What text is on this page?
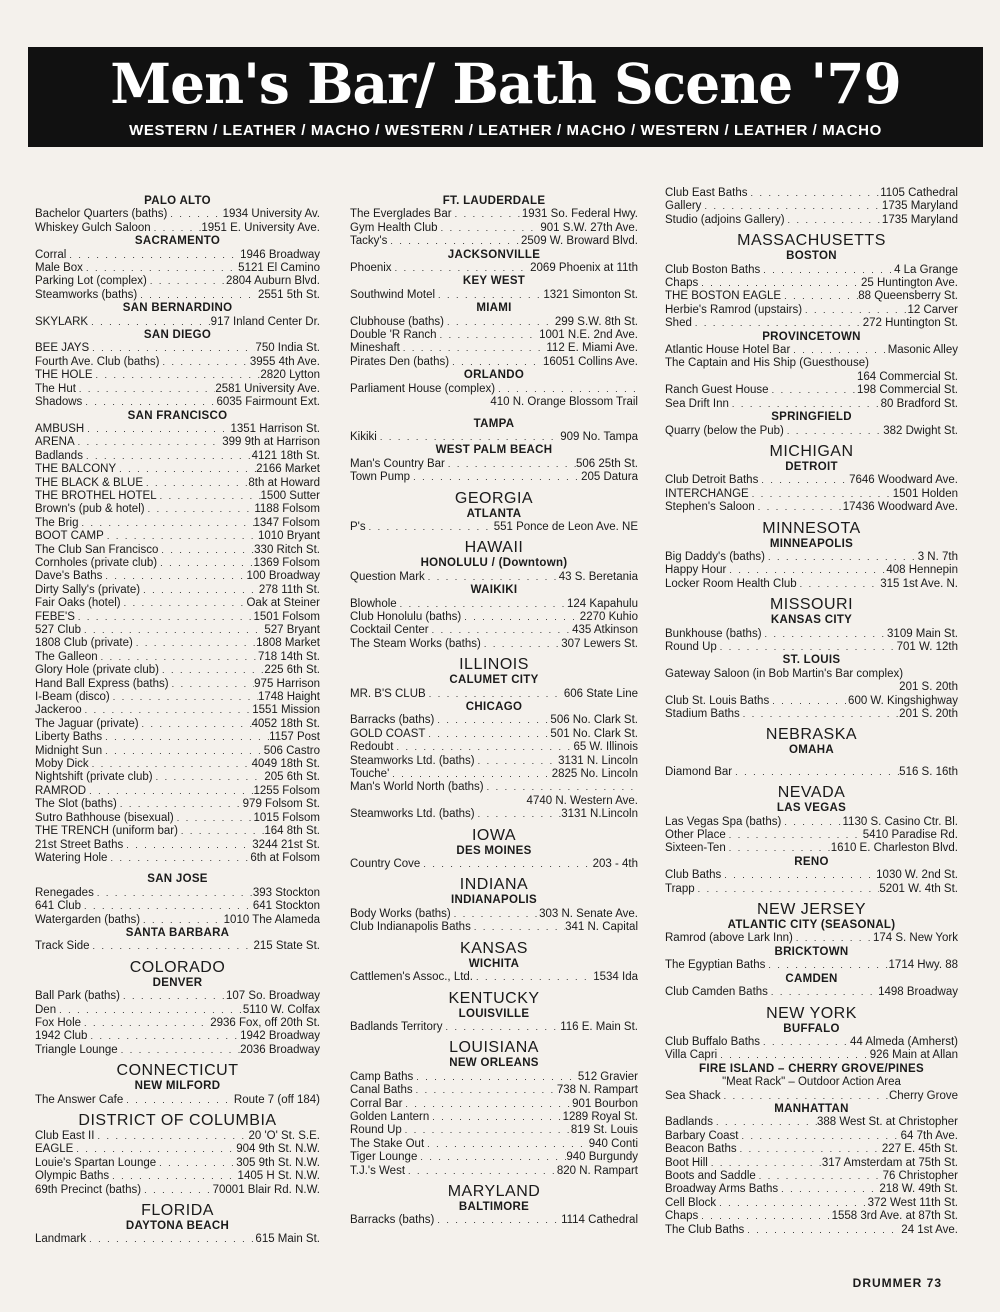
Men's Bar/ Bath Scene '79
WESTERN / LEATHER / MACHO / WESTERN / LEATHER / MACHO / WESTERN / LEATHER / MACHO
PALO ALTO
Bachelor Quarters (baths) . . .	1934 University Av.
Whiskey Gulch Saloon . . .	1951 E. University Ave.
SACRAMENTO
Corral . . .	1946 Broadway
Male Box . . .	5121 El Camino
Parking Lot (complex) . . .	2804 Auburn Blvd.
Steamworks (baths) . . .	2551 5th St.
SAN BERNARDINO
SKYLARK . . .	917 Inland Center Dr.
SAN DIEGO
BEE JAYS . . .	750 India St.
Fourth Ave. Club (baths) . . .	3955 4th Ave.
THE HOLE . . .	2820 Lytton
The Hut . . .	2581 University Ave.
Shadows . . .	6035 Fairmount Ext.
SAN FRANCISCO
AMBUSH . . .	1351 Harrison St.
ARENA . . .	399 9th at Harrison
Badlands . . .	4121 18th St.
THE BALCONY . . .	2166 Market
THE BLACK & BLUE . . .	8th at Howard
THE BROTHEL HOTEL . . .	1500 Sutter
Brown's (pub & hotel) . . .	1188 Folsom
The Brig . . .	1347 Folsom
BOOT CAMP . . .	1010 Bryant
The Club San Francisco . . .	330 Ritch St.
Cornholes (private club) . . .	1369 Folsom
Dave's Baths . . .	100 Broadway
Dirty Sally's (private) . . .	278 11th St.
Fair Oaks (hotel) . . .	Oak at Steiner
FEBE'S . . .	1501 Folsom
527 Club . . .	527 Bryant
1808 Club (private) . . .	1808 Market
The Galleon . . .	718 14th St.
Glory Hole (private club) . . .	225 6th St.
Hand Ball Express (baths) . . .	975 Harrison
I-Beam (disco) . . .	1748 Haight
Jackeroo . . .	1551 Mission
The Jaguar (private) . . .	4052 18th St.
Liberty Baths . . .	1157 Post
Midnight Sun . . .	506 Castro
Moby Dick . . .	4049 18th St.
Nightshift (private club) . . .	205 6th St.
RAMROD . . .	1255 Folsom
The Slot (baths) . . .	979 Folsom St.
Sutro Bathhouse (bisexual) . . .	1015 Folsom
THE TRENCH (uniform bar) . . .	164 8th St.
21st Street Baths . . .	3244 21st St.
Watering Hole . . .	6th at Folsom
SAN JOSE
Renegades . . .	393 Stockton
641 Club . . .	641 Stockton
Watergarden (baths) . . .	1010 The Alameda
SANTA BARBARA
Track Side . . .	215 State St.
COLORADO
DENVER
Ball Park (baths) . . .	107 So. Broadway
Den . . .	5110 W. Colfax
Fox Hole . . .	2936 Fox, off 20th St.
1942 Club . . .	1942 Broadway
Triangle Lounge . . .	2036 Broadway
CONNECTICUT
NEW MILFORD
The Answer Cafe . . .	Route 7 (off 184)
DISTRICT OF COLUMBIA
Club East II . . .	20 'O' St. S.E.
EAGLE . . .	904 9th St. N.W.
Louie's Spartan Lounge . . .	305 9th St. N.W.
Olympic Baths . . .	1405 H St. N.W.
69th Precinct (baths) . . .	70001 Blair Rd. N.W.
FLORIDA
DAYTONA BEACH
Landmark . . .	615 Main St.
FT. LAUDERDALE
The Everglades Bar . . .	1931 So. Federal Hwy.
Gym Health Club . . .	901 S.W. 27th Ave.
Tacky's . . .	2509 W. Broward Blvd.
JACKSONVILLE
Phoenix . . .	2069 Phoenix at 11th
KEY WEST
Southwind Motel . . .	1321 Simonton St.
MIAMI
Clubhouse (baths) . . .	299 S.W. 8th St.
Double 'R Ranch . . .	1001 N.E. 2nd Ave.
Mineshaft . . .	112 E. Miami Ave.
Pirates Den (baths) . . .	16051 Collins Ave.
ORLANDO
Parliament House (complex)
. . .
410 N. Orange Blossom Trail
TAMPA
Kikiki . . .	909 No. Tampa
WEST PALM BEACH
Man's Country Bar . . .	506 25th St.
Town Pump . . .	205 Datura
GEORGIA
ATLANTA
P's . . .	551 Ponce de Leon Ave. NE
HAWAII
HONOLULU / (Downtown)
Question Mark . . .	43 S. Beretania
WAIKIKI
Blowhole . . .	124 Kapahulu
Club Honolulu (baths) . . .	2270 Kuhio
Cocktail Center . . .	435 Atkinson
The Steam Works (baths) . . .	307 Lewers St.
ILLINOIS
CALUMET CITY
MR. B'S CLUB . . .	606 State Line
CHICAGO
Barracks (baths) . . .	506 No. Clark St.
GOLD COAST . . .	501 No. Clark St.
Redoubt . . .	65 W. Illinois
Steamworks Ltd. (baths) . . .	3131 N. Lincoln
Touche' . . .	2825 No. Lincoln
Man's World North (baths)
. . .
4740 N. Western Ave.
Steamworks Ltd. (baths) . . .	3131 N.Lincoln
IOWA
DES MOINES
Country Cove . . .	203 - 4th
INDIANA
INDIANAPOLIS
Body Works (baths) . . .	303 N. Senate Ave.
Club Indianapolis Baths . . .	341 N. Capital
KANSAS
WICHITA
Cattlemen's Assoc., Ltd. . . .	1534 Ida
KENTUCKY
LOUISVILLE
Badlands Territory . . .	116 E. Main St.
LOUISIANA
NEW ORLEANS
Camp Baths . . .	512 Gravier
Canal Baths . . .	738 N. Rampart
Corral Bar . . .	901 Bourbon
Golden Lantern . . .	1289 Royal St.
Round Up . . .	819 St. Louis
The Stake Out . . .	940 Conti
Tiger Lounge . . .	940 Burgundy
T.J.'s West . . .	820 N. Rampart
MARYLAND
BALTIMORE
Barracks (baths) . . .	1114 Cathedral
Club East Baths . . .	1105 Cathedral
Gallery . . .	1735 Maryland
Studio (adjoins Gallery) . . .	1735 Maryland
MASSACHUSETTS
BOSTON
Club Boston Baths . . .	4 La Grange
Chaps . . .	25 Huntington Ave.
THE BOSTON EAGLE . . .	88 Queensberry St.
Herbie's Ramrod (upstairs) . . .	12 Carver
Shed . . .	272 Huntington St.
PROVINCETOWN
Atlantic House Hotel Bar . . .	Masonic Alley
The Captain and His Ship (Guesthouse)
164 Commercial St.
Ranch Guest House . . .	198 Commercial St.
Sea Drift Inn . . .	80 Bradford St.
SPRINGFIELD
Quarry (below the Pub) . . .	382 Dwight St.
MICHIGAN
DETROIT
Club Detroit Baths . . .	7646 Woodward Ave.
INTERCHANGE . . .	1501 Holden
Stephen's Saloon . . .	17436 Woodward Ave.
MINNESOTA
MINNEAPOLIS
Big Daddy's (baths) . . .	3 N. 7th
Happy Hour . . .	408 Hennepin
Locker Room Health Club . . .	315 1st Ave. N.
MISSOURI
KANSAS CITY
Bunkhouse (baths) . . .	3109 Main St.
Round Up . . .	701 W. 12th
ST. LOUIS
Gateway Saloon (in Bob Martin's Bar complex)
201 S. 20th
Club St. Louis Baths . . .	600 W. Kingshighway
Stadium Baths . . .	201 S. 20th
NEBRASKA
OMAHA
Diamond Bar . . .	516 S. 16th
NEVADA
LAS VEGAS
Las Vegas Spa (baths) . . .	1130 S. Casino Ctr. Bl.
Other Place . . .	5410 Paradise Rd.
Sixteen-Ten . . .	1610 E. Charleston Blvd.
RENO
Club Baths . . .	1030 W. 2nd St.
Trapp . . .	5201 W. 4th St.
NEW JERSEY
ATLANTIC CITY (SEASONAL)
Ramrod (above Lark Inn) . . .	174 S. New York
BRICKTOWN
The Egyptian Baths . . .	1714 Hwy. 88
CAMDEN
Club Camden Baths . . .	1498 Broadway
NEW YORK
BUFFALO
Club Buffalo Baths . . .	44 Almeda (Amherst)
Villa Capri . . .	926 Main at Allan
FIRE ISLAND – CHERRY GROVE/PINES
"Meat Rack" – Outdoor Action Area
Sea Shack . . .	Cherry Grove
MANHATTAN
Badlands . . .	388 West St. at Christopher
Barbary Coast . . .	64 7th Ave.
Beacon Baths . . .	227 E. 45th St.
Boot Hill . . .	317 Amsterdam at 75th St.
Boots and Saddle . . .	76 Christopher
Broadway Arms Baths . . .	218 W. 49th St.
Cell Block . . .	372 West 11th St.
Chaps . . .	1558 3rd Ave. at 87th St.
The Club Baths . . .	24 1st Ave.
DRUMMER 73
